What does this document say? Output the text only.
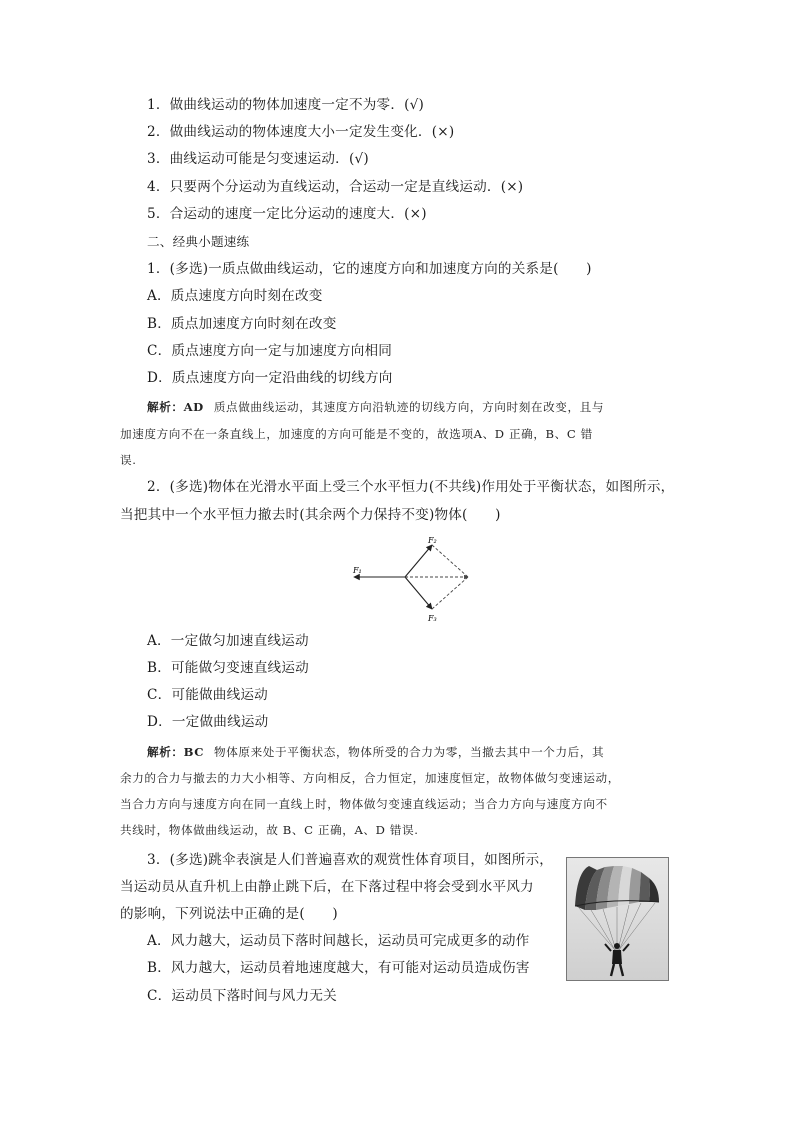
1．做曲线运动的物体加速度一定不为零．(√)
2．做曲线运动的物体速度大小一定发生变化．(×)
3．曲线运动可能是匀变速运动．(√)
4．只要两个分运动为直线运动，合运动一定是直线运动．(×)
5．合运动的速度一定比分运动的速度大．(×)
二、经典小题速练
1．(多选)一质点做曲线运动，它的速度方向和加速度方向的关系是(　　)
A．质点速度方向时刻在改变
B．质点加速度方向时刻在改变
C．质点速度方向一定与加速度方向相同
D．质点速度方向一定沿曲线的切线方向
解析：AD 质点做曲线运动，其速度方向沿轨迹的切线方向，方向时刻在改变，且与
加速度方向不在一条直线上，加速度的方向可能是不变的，故选项A、D 正确，B、C 错
误.
2．(多选)物体在光滑水平面上受三个水平恒力(不共线)作用处于平衡状态，如图所示，
当把其中一个水平恒力撤去时(其余两个力保持不变)物体(　　)
F₁
F₂
F₃
A．一定做匀加速直线运动
B．可能做匀变速直线运动
C．可能做曲线运动
D．一定做曲线运动
解析：BC 物体原来处于平衡状态，物体所受的合力为零，当撤去其中一个力后，其
余力的合力与撤去的力大小相等、方向相反，合力恒定，加速度恒定，故物体做匀变速运动，
当合力方向与速度方向在同一直线上时，物体做匀变速直线运动；当合力方向与速度方向不
共线时，物体做曲线运动，故 B、C 正确，A、D 错误.
3．(多选)跳伞表演是人们普遍喜欢的观赏性体育项目，如图所示，
当运动员从直升机上由静止跳下后，在下落过程中将会受到水平风力
的影响，下列说法中正确的是(　　)
A．风力越大，运动员下落时间越长，运动员可完成更多的动作
B．风力越大，运动员着地速度越大，有可能对运动员造成伤害
C．运动员下落时间与风力无关
